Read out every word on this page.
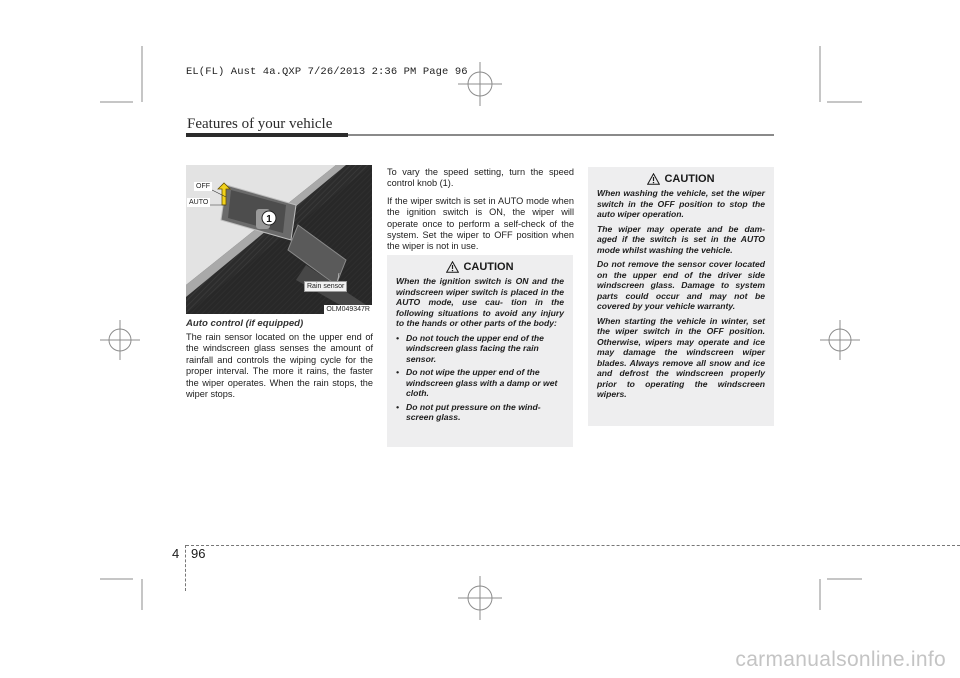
EL(FL) Aust 4a.QXP 7/26/2013 2:36 PM Page 96
Features of your vehicle
1
OFF
AUTO
Rain sensor
OLM049347R

Auto control (if equipped)

The rain sensor located on the upper end of the windscreen glass senses the amount of rainfall and controls the wiping cycle for the proper interval. The more it rains, the faster the wiper operates. When the rain stops, the wiper stops.

To vary the speed setting, turn the speed control knob (1).

If the wiper switch is set in AUTO mode when the ignition switch is ON, the wiper will operate once to perform a self-check of the system. Set the wiper to OFF position when the wiper is not in use.

CAUTION

When the ignition switch is ON and the windscreen wiper switch is placed in the AUTO mode, use cau- tion in the following situations to avoid any injury to the hands or other parts of the body:

• Do not touch the upper end of the windscreen glass facing the rain sensor.
• Do not wipe the upper end of the windscreen glass with a damp or wet cloth.
• Do not put pressure on the wind- screen glass.
CAUTION

When washing the vehicle, set the wiper switch in the OFF position to stop the auto wiper operation.

The wiper may operate and be dam- aged if the switch is set in the AUTO mode whilst washing the vehicle.

Do not remove the sensor cover located on the upper end of the driver side windscreen glass. Damage to system parts could occur and may not be covered by your vehicle warranty.

When starting the vehicle in winter, set the wiper switch in the OFF position. Otherwise, wipers may operate and ice may damage the windscreen wiper blades. Always remove all snow and ice and defrost the windscreen properly prior to operating the windscreen wipers.

4 96
carmanualsonline.info
